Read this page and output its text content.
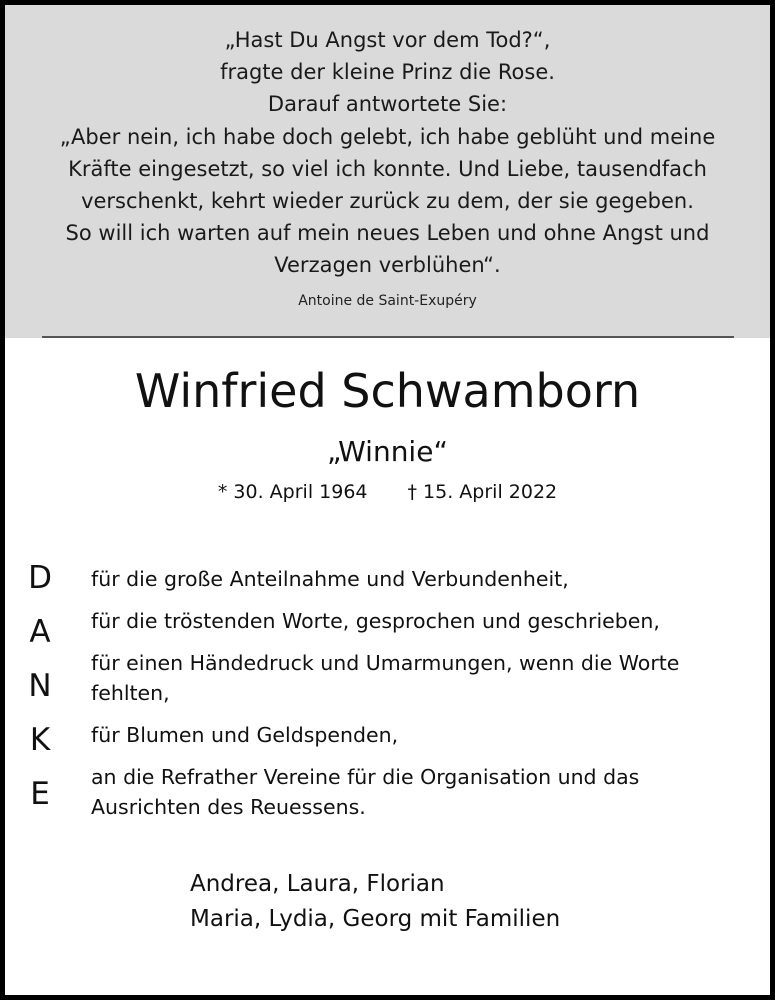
„Hast Du Angst vor dem Tod?“,
fragte der kleine Prinz die Rose.
Darauf antwortete Sie:
„Aber nein, ich habe doch gelebt, ich habe geblüht und meine
Kräfte eingesetzt, so viel ich konnte. Und Liebe, tausendfach
verschenkt, kehrt wieder zurück zu dem, der sie gegeben.
So will ich warten auf mein neues Leben und ohne Angst und
Verzagen verblühen“.
Antoine de Saint-Exupéry
Winfried Schwamborn
„Winnie“
* 30. April 1964 † 15. April 2022
D
A
N
K
E
für die große Anteilnahme und Verbundenheit,
für die tröstenden Worte, gesprochen und geschrieben,
für einen Händedruck und Umarmungen, wenn die Worte fehlten,
für Blumen und Geldspenden,
an die Refrather Vereine für die Organisation und das Ausrichten des Reuessens.
Andrea, Laura, Florian
Maria, Lydia, Georg mit Familien
